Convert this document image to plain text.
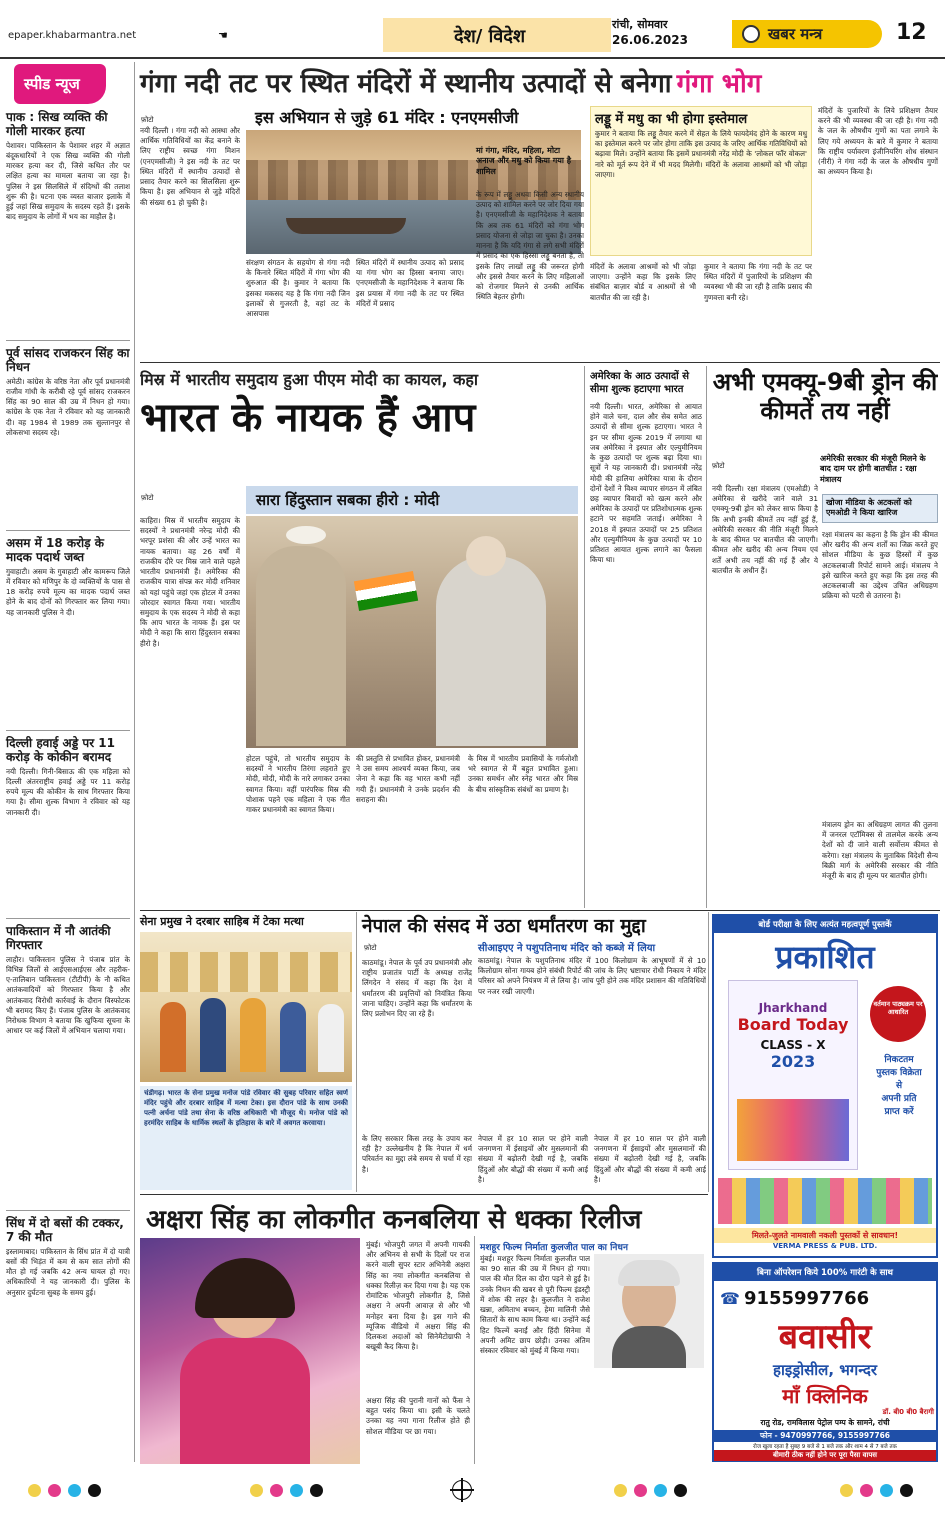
epaper.khabarmantra.net	☚	देश/ विदेश
रांची, सोमवार
26.06.2023	खबर मन्त्र	12
स्पीड न्यूज
पाक : सिख व्यक्ति की गोली मारकर हत्या
पेशावर। पाकिस्तान के पेशावर शहर में अज्ञात बंदूकधारियों ने एक सिख व्यक्ति की गोली मारकर हत्या कर दी, जिसे कथित तौर पर लक्षित हत्या का मामला बताया जा रहा है। पुलिस ने इस सिलसिले में संदिग्धों की तलाश शुरू की है। घटना एक व्यस्त बाजार इलाके में हुई जहां सिख समुदाय के सदस्य रहते हैं। इसके बाद समुदाय के लोगों में भय का माहौल है।
पूर्व सांसद राजकरन सिंह का निधन
अमेठी। कांग्रेस के वरिष्ठ नेता और पूर्व प्रधानमंत्री राजीव गांधी के करीबी रहे पूर्व सांसद राजकरन सिंह का 90 साल की उम्र में निधन हो गया। कांग्रेस के एक नेता ने रविवार को यह जानकारी दी। वह 1984 से 1989 तक सुल्तानपुर से लोकसभा सदस्य रहे।
असम में 18 करोड़ के मादक पदार्थ जब्त
गुवाहाटी। असम के गुवाहाटी और कामरूप जिले में रविवार को मणिपुर के दो व्यक्तियों के पास से 18 करोड़ रुपये मूल्य का मादक पदार्थ जब्त होने के बाद दोनों को गिरफ्तार कर लिया गया। यह जानकारी पुलिस ने दी।
दिल्ली हवाई अड्डे पर 11 करोड़ के कोकीन बरामद
नयी दिल्ली। गिनी-बिसाऊ की एक महिला को दिल्ली अंतरराष्ट्रीय हवाई अड्डे पर 11 करोड़ रुपये मूल्य की कोकीन के साथ गिरफ्तार किया गया है। सीमा शुल्क विभाग ने रविवार को यह जानकारी दी।
पाकिस्तान में नौ आतंकी गिरफ्तार
लाहौर। पाकिस्तान पुलिस ने पंजाब प्रांत के विभिन्न जिलों से आईएसआईएस और तहरीक-ए-तालिबान पाकिस्तान (टीटीपी) के नौ कथित आतंकवादियों को गिरफ्तार किया है और आतंकवाद विरोधी कार्रवाई के दौरान विस्फोटक भी बरामद किए हैं। पंजाब पुलिस के आतंकवाद निरोधक विभाग ने बताया कि खुफिया सूचना के आधार पर कई जिलों में अभियान चलाया गया।
सिंध में दो बसों की टक्कर, 7 की मौत
इस्लामाबाद। पाकिस्तान के सिंध प्रांत में दो यात्री बसों की भिड़ंत में कम से कम सात लोगों की मौत हो गई जबकि 42 अन्य घायल हो गए। अधिकारियों ने यह जानकारी दी। पुलिस के अनुसार दुर्घटना सुबह के समय हुई।
गंगा नदी तट पर स्थित मंदिरों में स्थानीय उत्पादों से बनेगा गंगा भोग
फ़ोटो	इस अभियान से जुड़े 61 मंदिर : एनएमसीजी
मां गंगा, मंदिर, महिला, मोटा अनाज और मधु को किया गया है शामिल
नयी दिल्ली । गंगा नदी को आस्था और आर्थिक गतिविधियों का केंद्र बनाने के लिए राष्ट्रीय स्वच्छ गंगा मिशन (एनएमसीजी) ने इस नदी के तट पर स्थित मंदिरों में स्थानीय उत्पादों से प्रसाद तैयार करने का सिलसिला शुरू किया है। इस अभियान से जुड़े मंदिरों की संख्या 61 हो चुकी है।
संरक्षण संगठन के सहयोग से गंगा नदी के किनारे स्थित मंदिरों में गंगा भोग की शुरुआत की है। कुमार ने बताया कि इसका मकसद यह है कि गंगा नदी जिन इलाकों से गुजरती है, वहां तट के आसपास
स्थित मंदिरों में स्थानीय उत्पाद को प्रसाद या गंगा भोग का हिस्सा बनाया जाए। एनएमसीजी के महानिदेशक ने बताया कि इस प्रयास में गंगा नदी के तट पर स्थित मंदिरों में प्रसाद
के रूप में लड्डू अथवा किसी अन्य स्थानीय उत्पाद को शामिल करने पर जोर दिया गया है। एनएमसीजी के महानिदेशक ने बताया कि अब तक 61 मंदिरों को गंगा भोग प्रसाद योजना से जोड़ा जा चुका है। उनका मानना है कि यदि गंगा से लगे सभी मंदिरों में प्रसाद का एक हिस्सा लड्डू बनता है, तो इसके लिए लाखों लड्डू की जरूरत होगी और इससे तैयार करने के लिए महिलाओं को रोजगार मिलने से उनकी आर्थिक स्थिति बेहतर होगी।
लड्डू में मधु का भी होगा इस्तेमाल
कुमार ने बताया कि लड्डू तैयार करने में सेहत के लिये फायदेमंद होने के कारण मधु का इस्तेमाल करने पर जोर होगा ताकि इस उत्पाद के जरिए आर्थिक गतिविधियों को बढ़ावा मिले। उन्होंने बताया कि इसमें प्रधानमंत्री नरेंद्र मोदी के 'लोकल फॉर वोकल' नारे को मूर्त रूप देने में भी मदद मिलेगी। मंदिरों के अलावा आश्रमों को भी जोड़ा जाएगा।
मंदिरों के अलावा आश्रमों को भी जोड़ा जाएगा। उन्होंने कहा कि इसके लिए संबंधित बाज़ार बोर्ड व आश्रमों से भी बातचीत की जा रही है।
कुमार ने बताया कि गंगा नदी के तट पर स्थित मंदिरों में पुजारियों के प्रशिक्षण की व्यवस्था भी की जा रही है ताकि प्रसाद की गुणवत्ता बनी रहे।
मंदिरों के पुजारियों के लिये प्रशिक्षण तैयार करने की भी व्यवस्था की जा रही है। गंगा नदी के जल के औषधीय गुणों का पता लगाने के लिए गये अध्ययन के बारे में कुमार ने बताया कि राष्ट्रीय पर्यावरण इंजीनियरिंग शोध संस्थान (नीरी) ने गंगा नदी के जल के औषधीय गुणों का अध्ययन किया है।
मिस्र में भारतीय समुदाय हुआ पीएम मोदी का कायल, कहा
भारत के नायक हैं आप
फ़ोटो	सारा हिंदुस्तान सबका हीरो : मोदी
काहिरा। मिस्र में भारतीय समुदाय के सदस्यों ने प्रधानमंत्री नरेन्द्र मोदी की भरपूर प्रशंसा की और उन्हें भारत का नायक बताया। वह 26 वर्षों में राजकीय दौरे पर मिस्र जाने वाले पहले भारतीय प्रधानमंत्री हैं। अमेरिका की राजकीय यात्रा संपन्न कर मोदी शनिवार को यहां पहुंचे जहां एक होटल में उनका जोरदार स्वागत किया गया। भारतीय समुदाय के एक सदस्य ने मोदी से कहा कि आप भारत के नायक हैं। इस पर मोदी ने कहा कि सारा हिंदुस्तान सबका हीरो है।
होटल पहुंचे, तो भारतीय समुदाय के सदस्यों ने भारतीय तिरंगा लहराते हुए मोदी, मोदी, मोदी के नारे लगाकर उनका स्वागत किया। वहीं पारंपरिक मिस्र की पोशाक पहने एक महिला ने एक गीत गाकर प्रधानमंत्री का स्वागत किया।
की प्रस्तुति से प्रभावित होकर, प्रधानमंत्री ने उस समय आश्चर्य व्यक्त किया, जब जेना ने कहा कि वह भारत कभी नहीं गयी हैं। प्रधानमंत्री ने उनके प्रदर्शन की सराहना की।
के मिस्र में भारतीय प्रवासियों के गर्मजोशी भरे स्वागत से मैं बहुत प्रभावित हुआ। उनका समर्थन और स्नेह भारत और मिस्र के बीच सांस्कृतिक संबंधों का प्रमाण है।
अमेरिका के आठ उत्पादों से सीमा शुल्क हटाएगा भारत
नयी दिल्ली। भारत, अमेरिका से आयात होने वाले चना, दाल और सेब समेत आठ उत्पादों से सीमा शुल्क हटाएगा। भारत ने इन पर सीमा शुल्क 2019 में लगाया था जब अमेरिका ने इस्पात और एल्युमीनियम के कुछ उत्पादों पर शुल्क बढ़ा दिया था। सूत्रों ने यह जानकारी दी। प्रधानमंत्री नरेंद्र मोदी की हालिया अमेरिका यात्रा के दौरान दोनों देशों ने विश्व व्यापार संगठन में लंबित छह व्यापार विवादों को खत्म करने और अमेरिका के उत्पादों पर प्रतिशोधात्मक शुल्क हटाने पर सहमति जताई। अमेरिका ने 2018 में इस्पात उत्पादों पर 25 प्रतिशत और एल्युमीनियम के कुछ उत्पादों पर 10 प्रतिशत आयात शुल्क लगाने का फैसला किया था।
अभी एमक्यू-9बी ड्रोन की कीमतें तय नहीं
फ़ोटो
अमेरिकी सरकार की मंजूरी मिलने के बाद दाम पर होगी बातचीत : रक्षा मंत्रालय
नयी दिल्ली। रक्षा मंत्रालय (एमओडी) ने अमेरिका से खरीदे जाने वाले 31 एमक्यू-9बी ड्रोन को लेकर साफ किया है कि अभी इनकी कीमतें तय नहीं हुई हैं, अमेरिकी सरकार की नीति मंजूरी मिलने के बाद कीमत पर बातचीत की जाएगी। कीमत और खरीद की अन्य नियम एवं शर्तें अभी तय नहीं की गई हैं और ये बातचीत के अधीन हैं।
खोजा मीडिया के अटकलों को एमओडी ने किया खारिज
रक्षा मंत्रालय का कहना है कि ड्रोन की कीमत और खरीद की अन्य शर्तों का जिक्र करते हुए सोशल मीडिया के कुछ हिस्सों में कुछ अटकलबाजी रिपोर्ट सामने आई। मंत्रालय ने इसे खारिज करते हुए कहा कि इस तरह की अटकलबाजी का उद्देश्य उचित अधिग्रहण प्रक्रिया को पटरी से उतारना है।
मंत्रालय ड्रोन का अधिग्रहण लागत की तुलना में जनरल एटॉमिक्स से तालमेल करके अन्य देशों को दी जाने वाली सर्वोत्तम कीमत से करेगा। रक्षा मंत्रालय के मुताबिक विदेशी सैन्य बिक्री मार्ग के अमेरिकी सरकार की नीति मंजूरी के बाद ही मूल्य पर बातचीत होगी।
सेना प्रमुख ने दरबार साहिब में टेका मत्था
चंडीगढ़। भारत के सेना प्रमुख मनोज पांडे रविवार की सुबह परिवार सहित स्वर्ण मंदिर पहुंचे और दरबार साहिब में मत्था टेका। इस दौरान पांडे के साथ उनकी पत्नी अर्चना पांडे तथा सेना के वरिष्ठ अधिकारी भी मौजूद थे। मनोज पांडे को हरमंदिर साहिब के धार्मिक स्थलों के इतिहास के बारे में अवगत करवाया।
नेपाल की संसद में उठा धर्मांतरण का मुद्दा
फ़ोटो
काठमांडू। नेपाल के पूर्व उप प्रधानमंत्री और राष्ट्रीय प्रजातंत्र पार्टी के अध्यक्ष राजेंद्र लिंगदेन ने संसद में कहा कि देश में धर्मांतरण की प्रवृत्तियों को नियंत्रित किया जाना चाहिए। उन्होंने कहा कि धर्मांतरण के लिए प्रलोभन दिए जा रहे हैं।
के लिए सरकार किस तरह के उपाय कर रही है? उल्लेखनीय है कि नेपाल में धर्म परिवर्तन का मुद्दा लंबे समय से चर्चा में रहा है।
सीआइएए ने पशुपतिनाथ मंदिर को कब्जे में लिया
काठमांडू। नेपाल के पशुपतिनाथ मंदिर में 100 किलोग्राम के आभूषणों में से 10 किलोग्राम सोना गायब होने संबंधी रिपोर्ट की जांच के लिए भ्रष्टाचार रोधी निकाय ने मंदिर परिसर को अपने नियंत्रण में ले लिया है। जांच पूरी होने तक मंदिर प्रशासन की गतिविधियों पर नजर रखी जाएगी।
नेपाल में हर 10 साल पर होने वाली जनगणना में ईसाइयों और मुसलमानों की संख्या में बढ़ोतरी देखी गई है, जबकि हिंदुओं और बौद्धों की संख्या में कमी आई है।
नेपाल में हर 10 साल पर होने वाली जनगणना में ईसाइयों और मुसलमानों की संख्या में बढ़ोतरी देखी गई है, जबकि हिंदुओं और बौद्धों की संख्या में कमी आई है।
अक्षरा सिंह का लोकगीत कनबलिया से धक्का रिलीज
मुंबई। भोजपुरी जगत में अपनी गायकी और अभिनय से सभी के दिलों पर राज करने वाली सुपर स्टार अभिनेत्री अक्षरा सिंह का नया लोकगीत कनबलिया से धक्का रिलीज़ कर दिया गया है। यह एक रोमांटिक भोजपुरी लोकगीत है, जिसे अक्षरा ने अपनी आवाज़ से और भी मनोहर बना दिया है। इस गाने की म्यूजिक वीडियो में अक्षरा सिंह की दिलकश अदाओं को सिनेमैटोग्राफी ने बखूबी कैद किया है।
अक्षरा सिंह की पुरानी गानों को फैंस ने बहुत पसंद किया था। इसी के चलते उनका यह नया गाना रिलीज होते ही सोशल मीडिया पर छा गया।
मशहूर फिल्म निर्माता कुलजीत पाल का निधन
मुंबई। मशहूर फिल्म निर्माता कुलजीत पाल का 90 साल की उम्र में निधन हो गया। पाल की मौत दिल का दौरा पड़ने से हुई है। उनके निधन की खबर से पूरी फिल्म इंडस्ट्री में शोक की लहर है। कुलजीत ने राजेश खन्ना, अमिताभ बच्चन, हेमा मालिनी जैसे सितारों के साथ काम किया था। उन्होंने कई हिट फिल्में बनाईं और हिंदी सिनेमा में अपनी अमिट छाप छोड़ी। उनका अंतिम संस्कार रविवार को मुंबई में किया गया।
बोर्ड परीक्षा के लिए अत्यंत महत्वपूर्ण पुस्तकें
प्रकाशित
Jharkhand
Board Today
CLASS - X
2023
वर्तमान पाठ्यक्रम पर आधारित
निकटतम
पुस्तक विक्रेता
से
अपनी प्रति
प्राप्त करें
मिलते-जुलते नामवाली नकली पुस्तकों से सावधान!
VERMA PRESS & PUB. LTD.
बिना ऑपरेशन किये 100% गारंटी के साथ
☎ 9155997766
बवासीर
हाइड्रोसील, भगन्दर
माँ क्लिनिक
डॉ. बी0 बी0 बैरागी
रातु रोड, रामविलास पेट्रोल पम्प के सामने, रांची
फोन - 9470997766, 9155997766
रोज खुला रहता है सुबह 9 बजे से 1 बजे तक और शाम 4 से 7 बजे तक
बीमारी ठीक नहीं होने पर पूरा पैसा वापस
